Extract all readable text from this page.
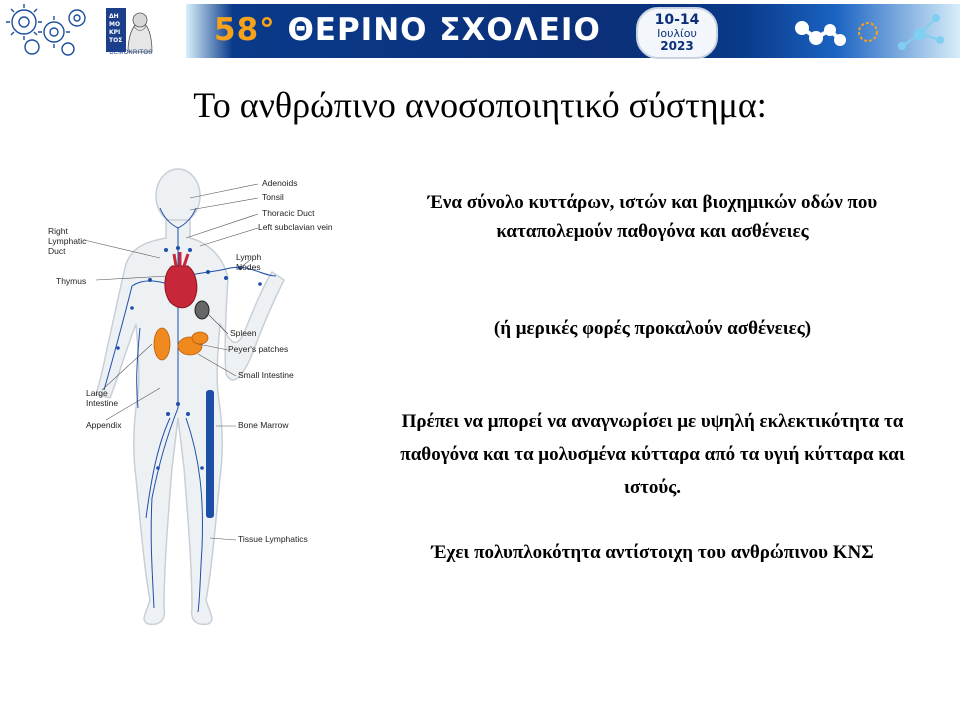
ΔΗ
ΜΟ
ΚΡΙ
ΤΟΣ
DEMOKRITOS
58° ΘΕΡΙΝΟ ΣΧΟΛΕΙΟ	10-14
Ιουλίου
2023
Το ανθρώπινο ανοσοποιητικό σύστημα:
Adenoids
Tonsil
Thoracic Duct
Left subclavian vein
Right
Lymphatic
Duct
Thymus
Lymph
Nodes
Spleen
Peyer's patches
Small Intestine
Large
Intestine
Appendix	Bone Marrow
Tissue Lymphatics
Ένα σύνολο κυττάρων, ιστών και βιοχημικών οδών που καταπολεμούν παθογόνα και ασθένειες
(ή μερικές φορές προκαλούν ασθένειες)
Πρέπει να μπορεί να αναγνωρίσει με υψηλή εκλεκτικότητα τα παθογόνα και τα μολυσμένα κύτταρα από τα υγιή κύτταρα και ιστούς.
Έχει πολυπλοκότητα αντίστοιχη του ανθρώπινου ΚΝΣ
